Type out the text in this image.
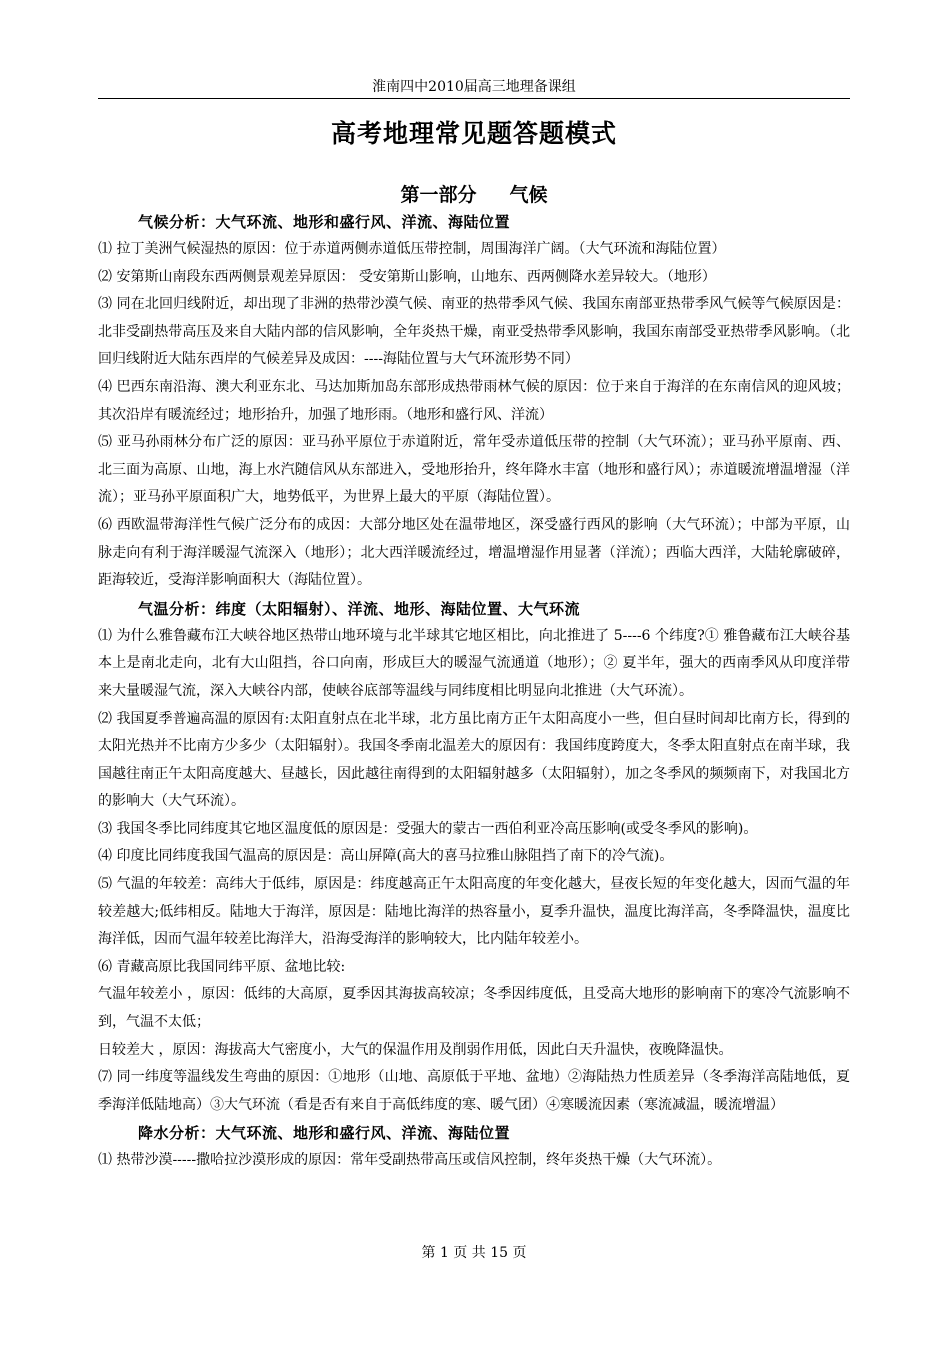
淮南四中2010届高三地理备课组
高考地理常见题答题模式
第一部分     气候
气候分析：大气环流、地形和盛行风、洋流、海陆位置

⑴ 拉丁美洲气候湿热的原因：位于赤道两侧赤道低压带控制，周围海洋广阔。（大气环流和海陆位置）

⑵ 安第斯山南段东西两侧景观差异原因： 受安第斯山影响，山地东、西两侧降水差异较大。（地形）

⑶ 同在北回归线附近，却出现了非洲的热带沙漠气候、南亚的热带季风气候、我国东南部亚热带季风气候等气候原因是：北非受副热带高压及来自大陆内部的信风影响，全年炎热干燥，南亚受热带季风影响，我国东南部受亚热带季风影响。（北回归线附近大陆东西岸的气候差异及成因：----海陆位置与大气环流形势不同）

⑷ 巴西东南沿海、澳大利亚东北、马达加斯加岛东部形成热带雨林气候的原因：位于来自于海洋的在东南信风的迎风坡；其次沿岸有暖流经过；地形抬升，加强了地形雨。（地形和盛行风、洋流）

⑸ 亚马孙雨林分布广泛的原因：亚马孙平原位于赤道附近，常年受赤道低压带的控制（大气环流）；亚马孙平原南、西、北三面为高原、山地，海上水汽随信风从东部进入，受地形抬升，终年降水丰富（地形和盛行风）；赤道暖流增温增湿（洋流）；亚马孙平原面积广大，地势低平，为世界上最大的平原（海陆位置）。

⑹ 西欧温带海洋性气候广泛分布的成因：大部分地区处在温带地区，深受盛行西风的影响（大气环流）；中部为平原，山脉走向有利于海洋暖湿气流深入（地形）；北大西洋暖流经过，增温增湿作用显著（洋流）；西临大西洋，大陆轮廓破碎，距海较近，受海洋影响面积大（海陆位置）。

气温分析：纬度（太阳辐射）、洋流、地形、海陆位置、大气环流

⑴ 为什么雅鲁藏布江大峡谷地区热带山地环境与北半球其它地区相比，向北推进了 5----6 个纬度?① 雅鲁藏布江大峡谷基本上是南北走向，北有大山阻挡，谷口向南，形成巨大的暖湿气流通道（地形）；② 夏半年，强大的西南季风从印度洋带来大量暖湿气流，深入大峡谷内部，使峡谷底部等温线与同纬度相比明显向北推进（大气环流）。

⑵ 我国夏季普遍高温的原因有:太阳直射点在北半球，北方虽比南方正午太阳高度小一些，但白昼时间却比南方长，得到的太阳光热并不比南方少多少（太阳辐射）。我国冬季南北温差大的原因有：我国纬度跨度大，冬季太阳直射点在南半球，我国越往南正午太阳高度越大、昼越长，因此越往南得到的太阳辐射越多（太阳辐射），加之冬季风的频频南下，对我国北方的影响大（大气环流）。

⑶ 我国冬季比同纬度其它地区温度低的原因是：受强大的蒙古一西伯利亚冷高压影响(或受冬季风的影响)。

⑷ 印度比同纬度我国气温高的原因是：高山屏障(高大的喜马拉雅山脉阻挡了南下的冷气流)。

⑸ 气温的年较差：高纬大于低纬，原因是：纬度越高正午太阳高度的年变化越大，昼夜长短的年变化越大，因而气温的年较差越大;低纬相反。陆地大于海洋，原因是：陆地比海洋的热容量小，夏季升温快，温度比海洋高，冬季降温快，温度比海洋低，因而气温年较差比海洋大，沿海受海洋的影响较大，比内陆年较差小。

⑹ 青藏高原比我国同纬平原、盆地比较:

气温年较差小 ，原因：低纬的大高原，夏季因其海拔高较凉；冬季因纬度低，且受高大地形的影响南下的寒冷气流影响不到，气温不太低；

日较差大 ，原因：海拔高大气密度小，大气的保温作用及削弱作用低，因此白天升温快，夜晚降温快。

⑺ 同一纬度等温线发生弯曲的原因：①地形（山地、高原低于平地、盆地）②海陆热力性质差异（冬季海洋高陆地低，夏季海洋低陆地高）③大气环流（看是否有来自于高低纬度的寒、暖气团）④寒暖流因素（寒流减温，暖流增温）

降水分析：大气环流、地形和盛行风、洋流、海陆位置

⑴ 热带沙漠-----撒哈拉沙漠形成的原因：常年受副热带高压或信风控制，终年炎热干燥（大气环流）。

第 1 页 共 15 页
